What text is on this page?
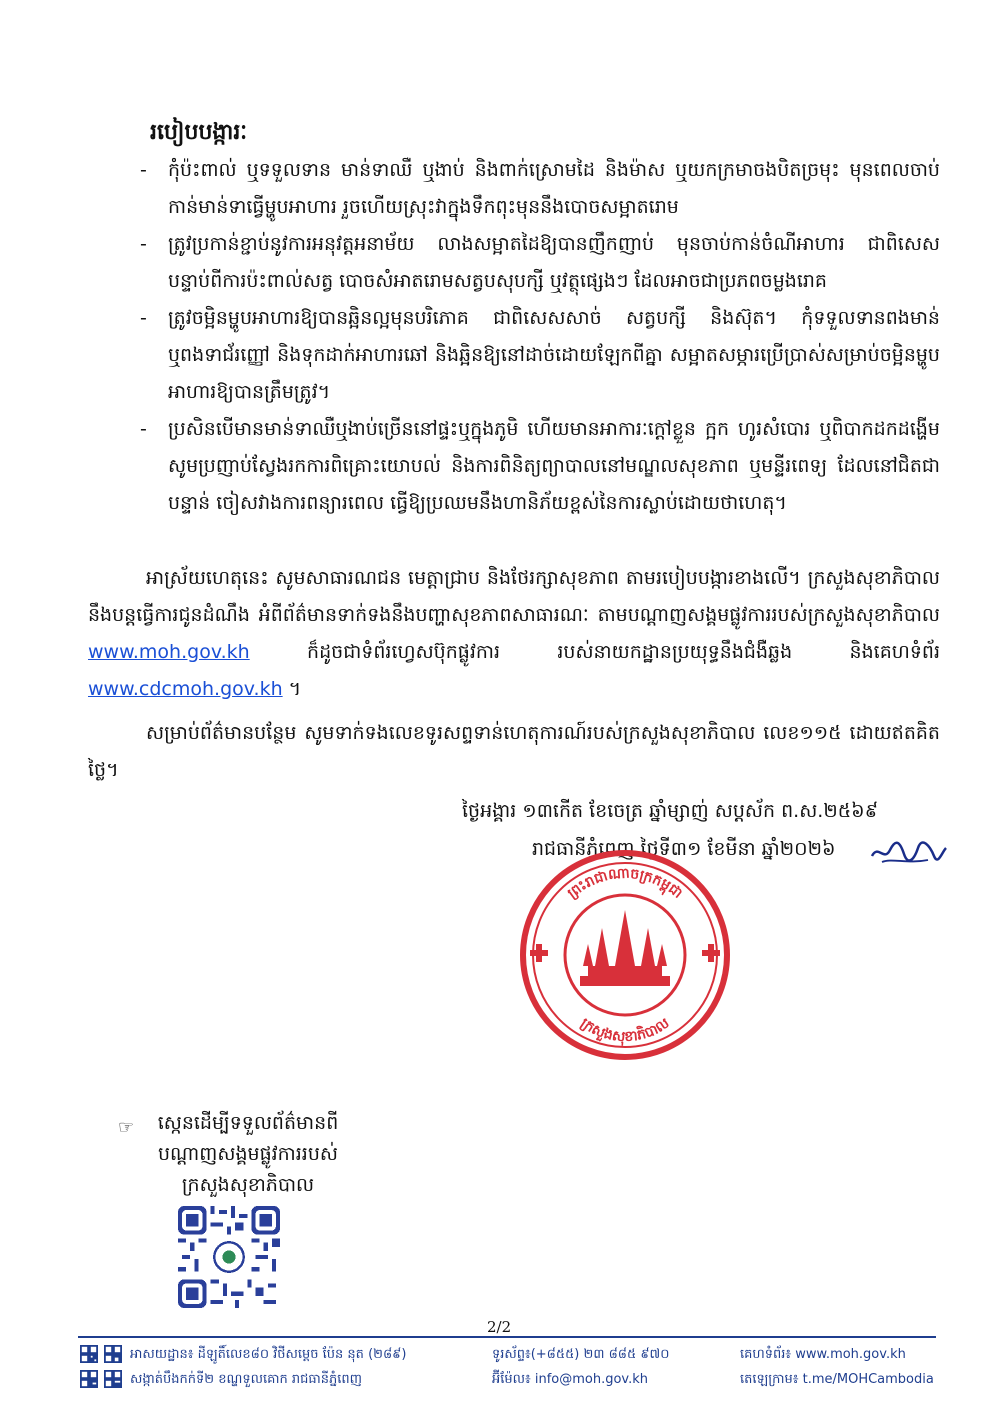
របៀបបង្ការៈ
-	កុំប៉ះពាល់ ឬទទួលទាន មាន់ទាឈឺ ឬងាប់ និងពាក់ស្រោមដៃ និងម៉ាស ឬយកក្រមាចងបិតច្រមុះ មុនពេលចាប់កាន់មាន់ទាធ្វើម្ហូបអាហារ រួចហើយស្រុះវាក្នុងទឹកពុះមុននឹងបោចសម្អាតរោម
-	ត្រូវប្រកាន់ខ្ជាប់នូវការអនុវត្តអនាម័យ លាងសម្អាតដៃឱ្យបានញឹកញាប់ មុនចាប់កាន់ចំណីអាហារ ជាពិសេសបន្ទាប់ពីការប៉ះពាល់សត្វ បោចសំអាតរោមសត្វបសុបក្សី ឬវត្ថុផ្សេងៗ ដែលអាចជាប្រភពចម្លងរោគ
-	ត្រូវចម្អិនម្ហូបអាហារឱ្យបានឆ្អិនល្អមុនបរិភោគ ជាពិសេសសាច់ សត្វបក្សី និងស៊ុត។ កុំទទួលទានពងមាន់ ឬពងទាជ័រញ្ញៅ និងទុកដាក់អាហារឆៅ និងឆ្អិនឱ្យនៅដាច់ដោយឡែកពីគ្នា សម្អាតសម្ភារប្រើប្រាស់សម្រាប់ចម្អិនម្ហូបអាហារឱ្យបានត្រឹមត្រូវ។
-	ប្រសិនបើមានមាន់ទាឈឺឬងាប់ច្រើននៅផ្ទះឬក្នុងភូមិ ហើយមានអាការៈក្តៅខ្លួន ក្អក ហូរសំបោរ ឬពិបាកដកដង្ហើម សូមប្រញាប់ស្វែងរកការពិគ្រោះយោបល់ និងការពិនិត្យព្យាបាលនៅមណ្ឌលសុខភាព ឬមន្ទីរពេទ្យ ដែលនៅជិតជាបន្ទាន់ ចៀសវាងការពន្យារពេល ធ្វើឱ្យប្រឈមនឹងហានិភ័យខ្ពស់នៃការស្លាប់ដោយថាហេតុ។
អាស្រ័យហេតុនេះ សូមសាធារណជន មេត្តាជ្រាប និងថែរក្សាសុខភាព តាមរបៀបបង្ការខាងលើ។ ក្រសួងសុខាភិបាលនឹងបន្តធ្វើការជូនដំណឹង អំពីព័ត៌មានទាក់ទងនឹងបញ្ហាសុខភាពសាធារណៈ តាមបណ្តាញសង្គមផ្លូវការរបស់ក្រសួងសុខាភិបាល www.moh.gov.kh ក៏ដូចជាទំព័រហ្វេសប៊ុកផ្លូវការ របស់នាយកដ្ឋានប្រយុទ្ធនឹងជំងឺឆ្លង និងគេហទំព័រ www.cdcmoh.gov.kh ។
សម្រាប់ព័ត៌មានបន្ថែម សូមទាក់ទងលេខទូរសព្ទទាន់ហេតុការណ៍របស់ក្រសួងសុខាភិបាល លេខ១១៥ ដោយឥតគិតថ្លៃ។
ថ្ងៃអង្គារ ១៣កើត ខែចេត្រ ឆ្នាំម្សាញ់ សប្តស័ក ព.ស.២៥៦៩
រាជធានីភ្នំពេញ ថ្ងៃទី៣១ ខែមីនា ឆ្នាំ២០២៦
ព្រះរាជាណាចក្រកម្ពុជា
ក្រសួងសុខាភិបាល
☞	ស្កេនដើម្បីទទួលព័ត៌មានពី
បណ្តាញសង្គមផ្លូវការរបស់
ក្រសួងសុខាភិបាល
2/2
អាសយដ្ឋាន៖ ដីឡូតិ៍លេខ៨០ វិថីសម្តេច ប៉ែន នុត (២៨៩)
សង្កាត់បឹងកក់ទី២ ខណ្ឌទួលគោក រាជធានីភ្នំពេញ
ទូរស័ព្ទ៖(+៨៥៥) ២៣ ៨៨៥ ៩៧០
អ៊ីម៉ែល៖ info@moh.gov.kh
គេហទំព័រ៖ www.moh.gov.kh
តេឡេក្រាម៖ t.me/MOHCambodia
